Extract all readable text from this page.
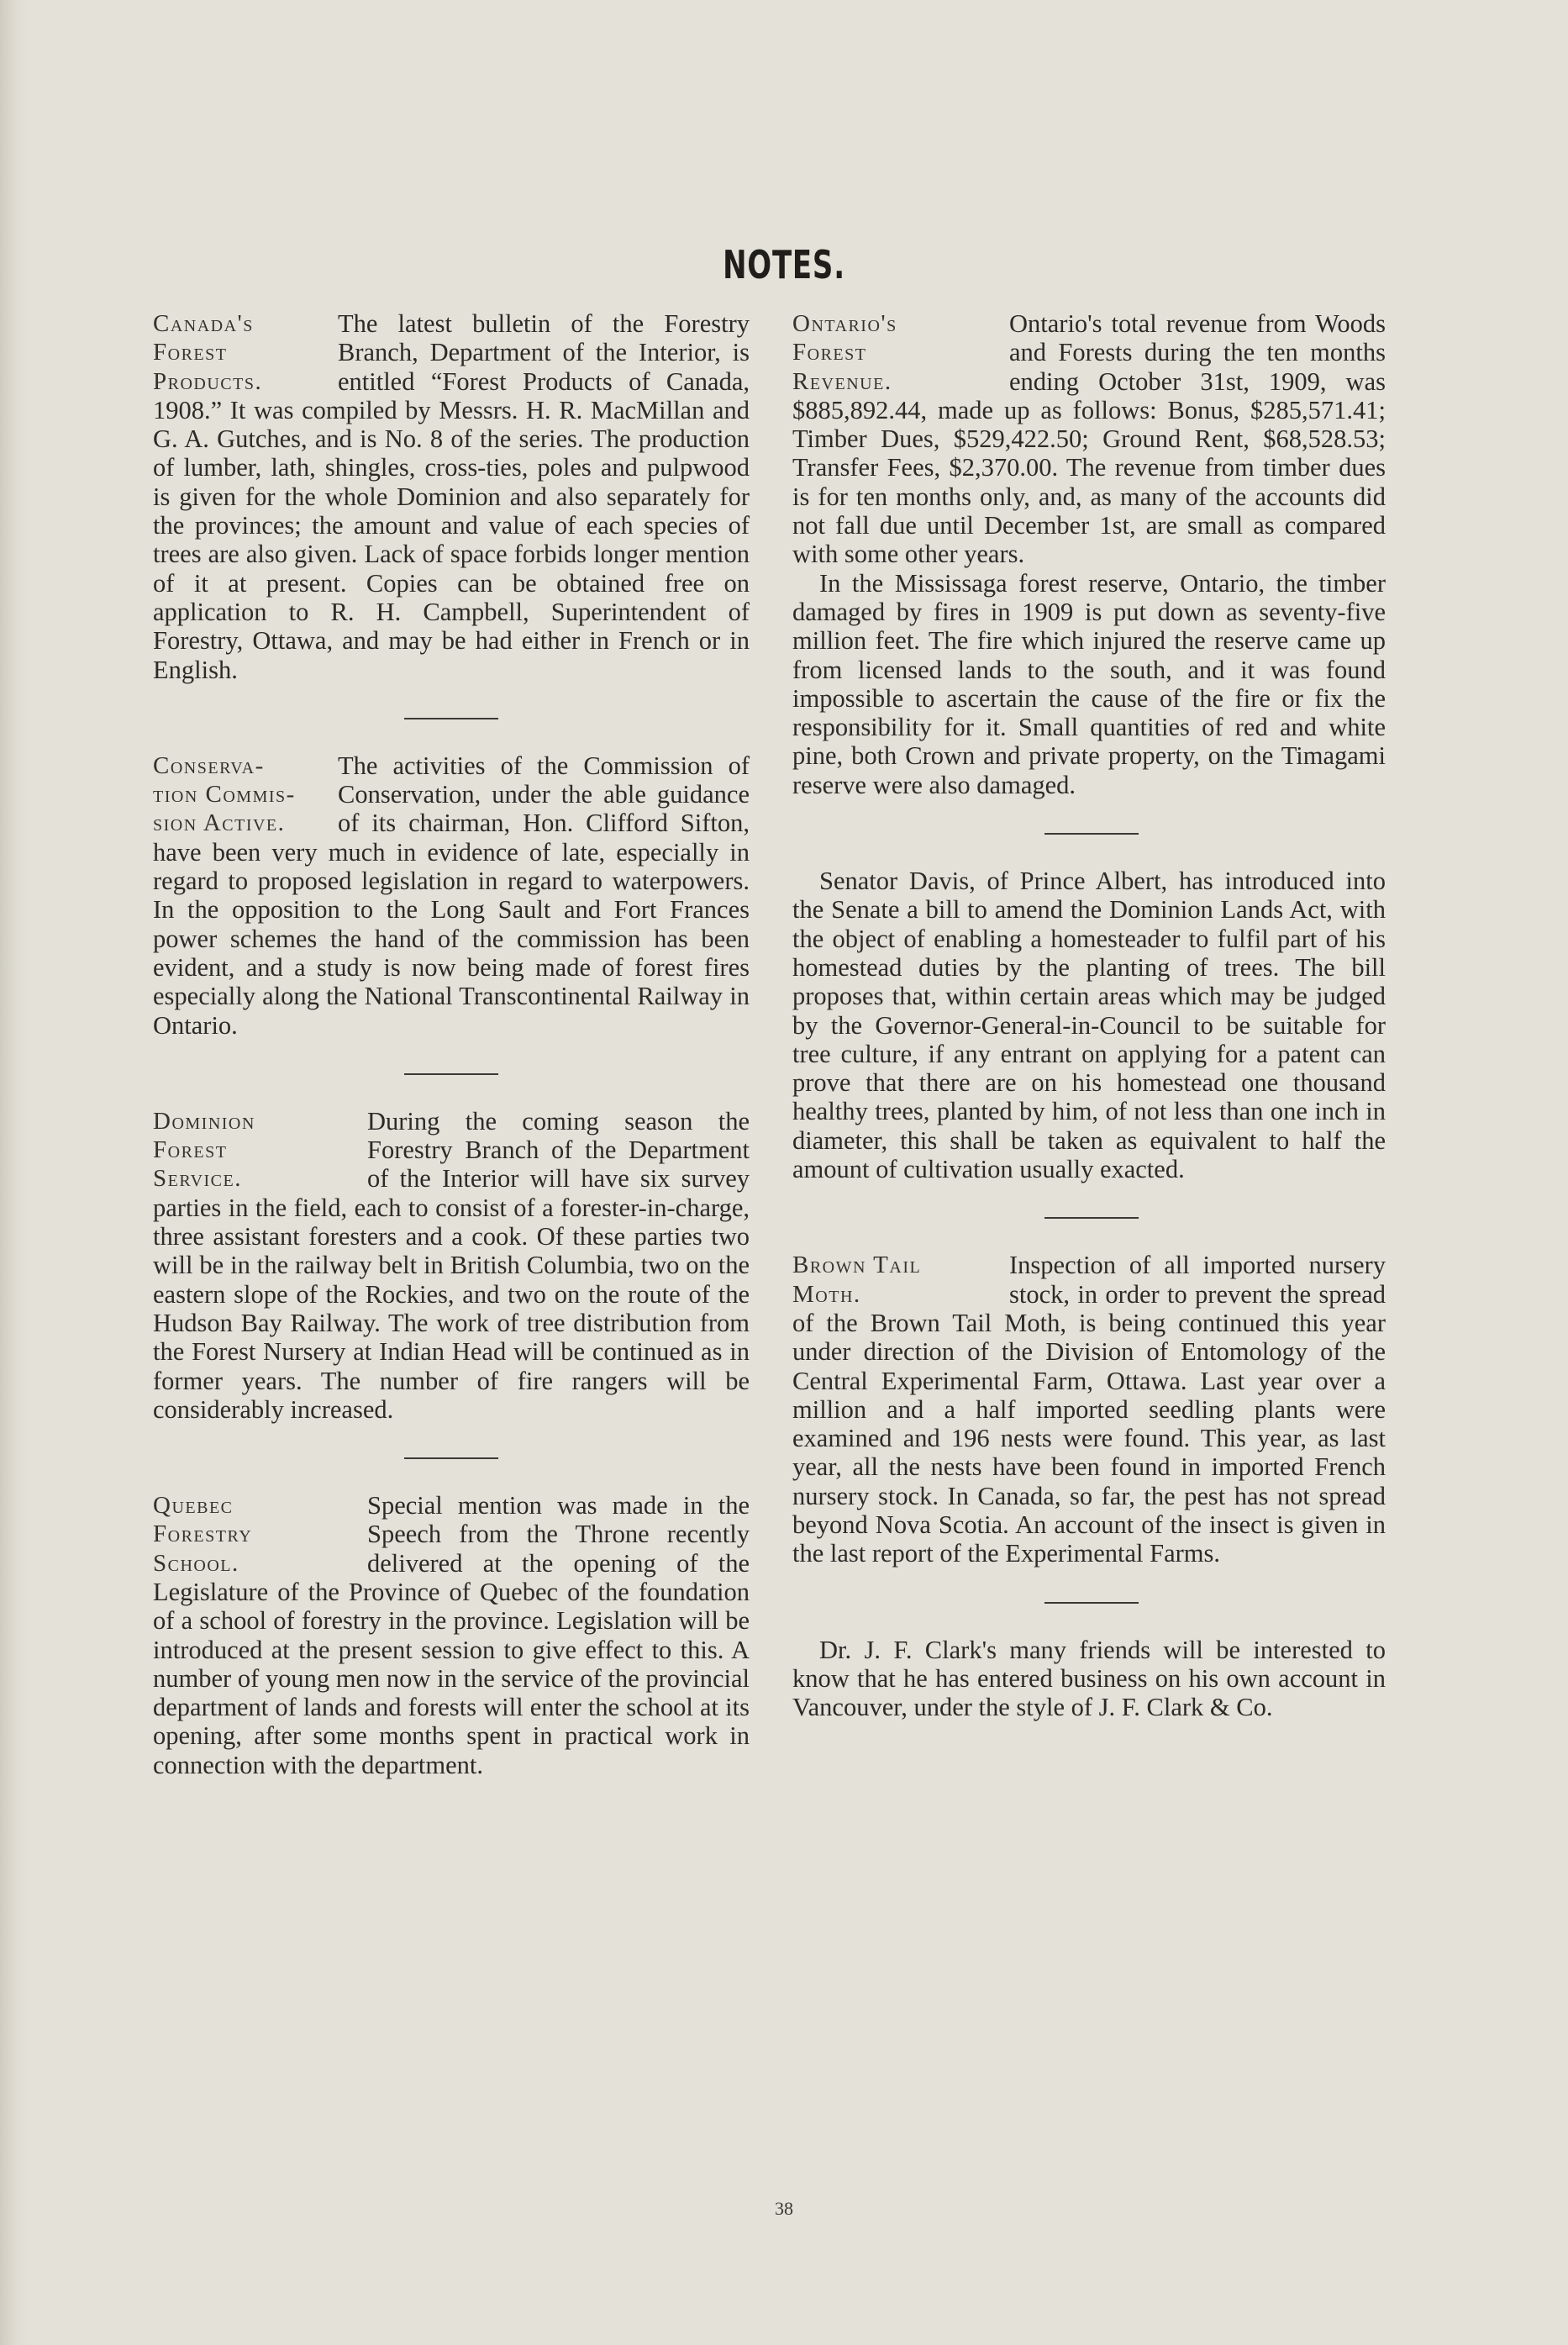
NOTES.
Canada's
Forest
Products.

The latest bulletin of the Forestry Branch, Department of the Interior, is entitled “Forest Products of Canada, 1908.” It was compiled by Messrs. H. R. MacMillan and G. A. Gutches, and is No. 8 of the series. The production of lumber, lath, shingles, cross-ties, poles and pulpwood is given for the whole Dominion and also separately for the provinces; the amount and value of each species of trees are also given. Lack of space forbids longer mention of it at present. Copies can be obtained free on application to R. H. Campbell, Superintendent of Forestry, Ottawa, and may be had either in French or in English.

Conserva-
tion Commis-
sion Active.

The activities of the Commission of Conservation, under the able guidance of its chairman, Hon. Clifford Sifton, have been very much in evidence of late, especially in regard to proposed legislation in regard to waterpowers. In the opposition to the Long Sault and Fort Frances power schemes the hand of the commission has been evident, and a study is now being made of forest fires especially along the National Transcontinental Railway in Ontario.

Dominion
Forest
Service.

During the coming season the Forestry Branch of the Department of the Interior will have six survey parties in the field, each to consist of a forester-in-charge, three assistant foresters and a cook. Of these parties two will be in the railway belt in British Columbia, two on the eastern slope of the Rockies, and two on the route of the Hudson Bay Railway. The work of tree distribution from the Forest Nursery at Indian Head will be continued as in former years. The number of fire rangers will be considerably increased.

Quebec
Forestry
School.

Special mention was made in the Speech from the Throne recently delivered at the opening of the Legislature of the Province of Quebec of the foundation of a school of forestry in the province. Legislation will be introduced at the present session to give effect to this. A number of young men now in the service of the provincial department of lands and forests will enter the school at its opening, after some months spent in practical work in connection with the department.

Ontario's
Forest
Revenue.

Ontario's total revenue from Woods and Forests during the ten months ending October 31st, 1909, was $885,892.44, made up as follows: Bonus, $285,571.41; Timber Dues, $529,422.50; Ground Rent, $68,528.53; Transfer Fees, $2,370.00. The revenue from timber dues is for ten months only, and, as many of the accounts did not fall due until December 1st, are small as compared with some other years.

In the Mississaga forest reserve, Ontario, the timber damaged by fires in 1909 is put down as seventy-five million feet. The fire which injured the reserve came up from licensed lands to the south, and it was found impossible to ascertain the cause of the fire or fix the responsibility for it. Small quantities of red and white pine, both Crown and private property, on the Timagami reserve were also damaged.

Senator Davis, of Prince Albert, has introduced into the Senate a bill to amend the Dominion Lands Act, with the object of enabling a homesteader to fulfil part of his homestead duties by the planting of trees. The bill proposes that, within certain areas which may be judged by the Governor-General-in-Council to be suitable for tree culture, if any entrant on applying for a patent can prove that there are on his homestead one thousand healthy trees, planted by him, of not less than one inch in diameter, this shall be taken as equivalent to half the amount of cultivation usually exacted.

Brown Tail
Moth.

Inspection of all imported nursery stock, in order to prevent the spread of the Brown Tail Moth, is being continued this year under direction of the Division of Entomology of the Central Experimental Farm, Ottawa. Last year over a million and a half imported seedling plants were examined and 196 nests were found. This year, as last year, all the nests have been found in imported French nursery stock. In Canada, so far, the pest has not spread beyond Nova Scotia. An account of the insect is given in the last report of the Experimental Farms.

Dr. J. F. Clark's many friends will be interested to know that he has entered business on his own account in Vancouver, under the style of J. F. Clark & Co.

38
